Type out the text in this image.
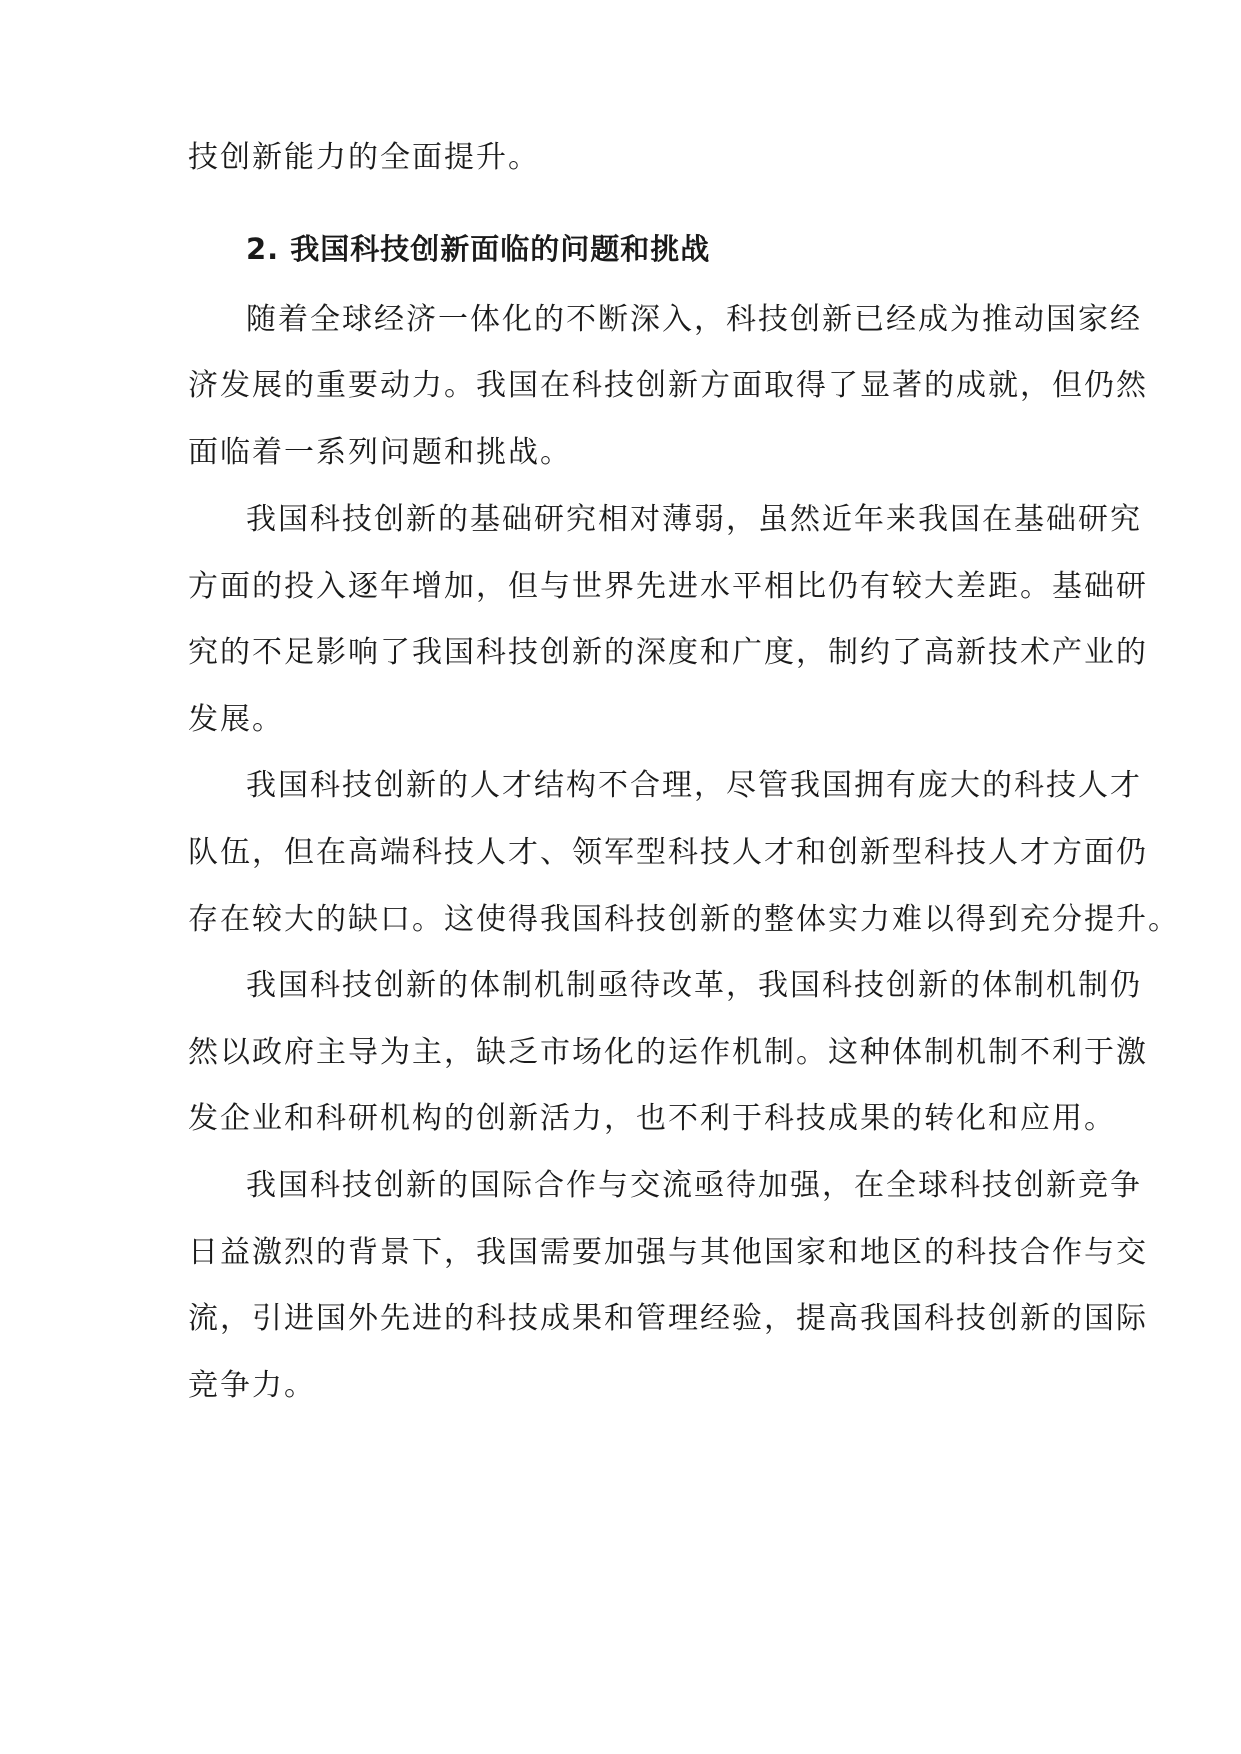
技创新能力的全面提升。
2. 我国科技创新面临的问题和挑战
随着全球经济一体化的不断深入，科技创新已经成为推动国家经
济发展的重要动力。我国在科技创新方面取得了显著的成就，但仍然
面临着一系列问题和挑战。
我国科技创新的基础研究相对薄弱，虽然近年来我国在基础研究
方面的投入逐年增加，但与世界先进水平相比仍有较大差距。基础研
究的不足影响了我国科技创新的深度和广度，制约了高新技术产业的
发展。
我国科技创新的人才结构不合理，尽管我国拥有庞大的科技人才
队伍，但在高端科技人才、领军型科技人才和创新型科技人才方面仍
存在较大的缺口。这使得我国科技创新的整体实力难以得到充分提升。
我国科技创新的体制机制亟待改革，我国科技创新的体制机制仍
然以政府主导为主，缺乏市场化的运作机制。这种体制机制不利于激
发企业和科研机构的创新活力，也不利于科技成果的转化和应用。
我国科技创新的国际合作与交流亟待加强，在全球科技创新竞争
日益激烈的背景下，我国需要加强与其他国家和地区的科技合作与交
流，引进国外先进的科技成果和管理经验，提高我国科技创新的国际
竞争力。
